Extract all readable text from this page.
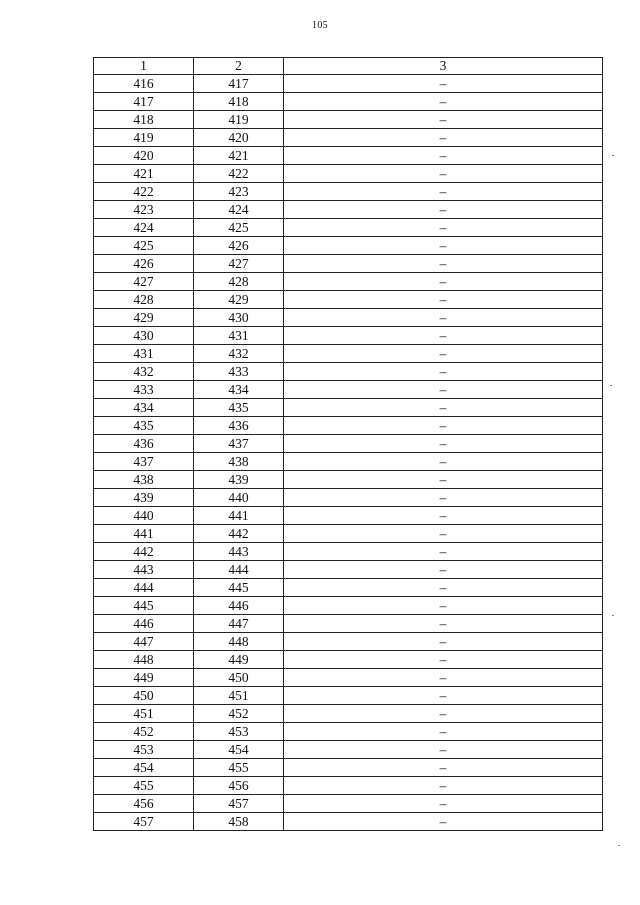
105
1	2	3
416	417	–
417	418	–
418	419	–
419	420	–
420	421	–
421	422	–
422	423	–
423	424	–
424	425	–
425	426	–
426	427	–
427	428	–
428	429	–
429	430	–
430	431	–
431	432	–
432	433	–
433	434	–
434	435	–
435	436	–
436	437	–
437	438	–
438	439	–
439	440	–
440	441	–
441	442	–
442	443	–
443	444	–
444	445	–
445	446	–
446	447	–
447	448	–
448	449	–
449	450	–
450	451	–
451	452	–
452	453	–
453	454	–
454	455	–
455	456	–
456	457	–
457	458	–
